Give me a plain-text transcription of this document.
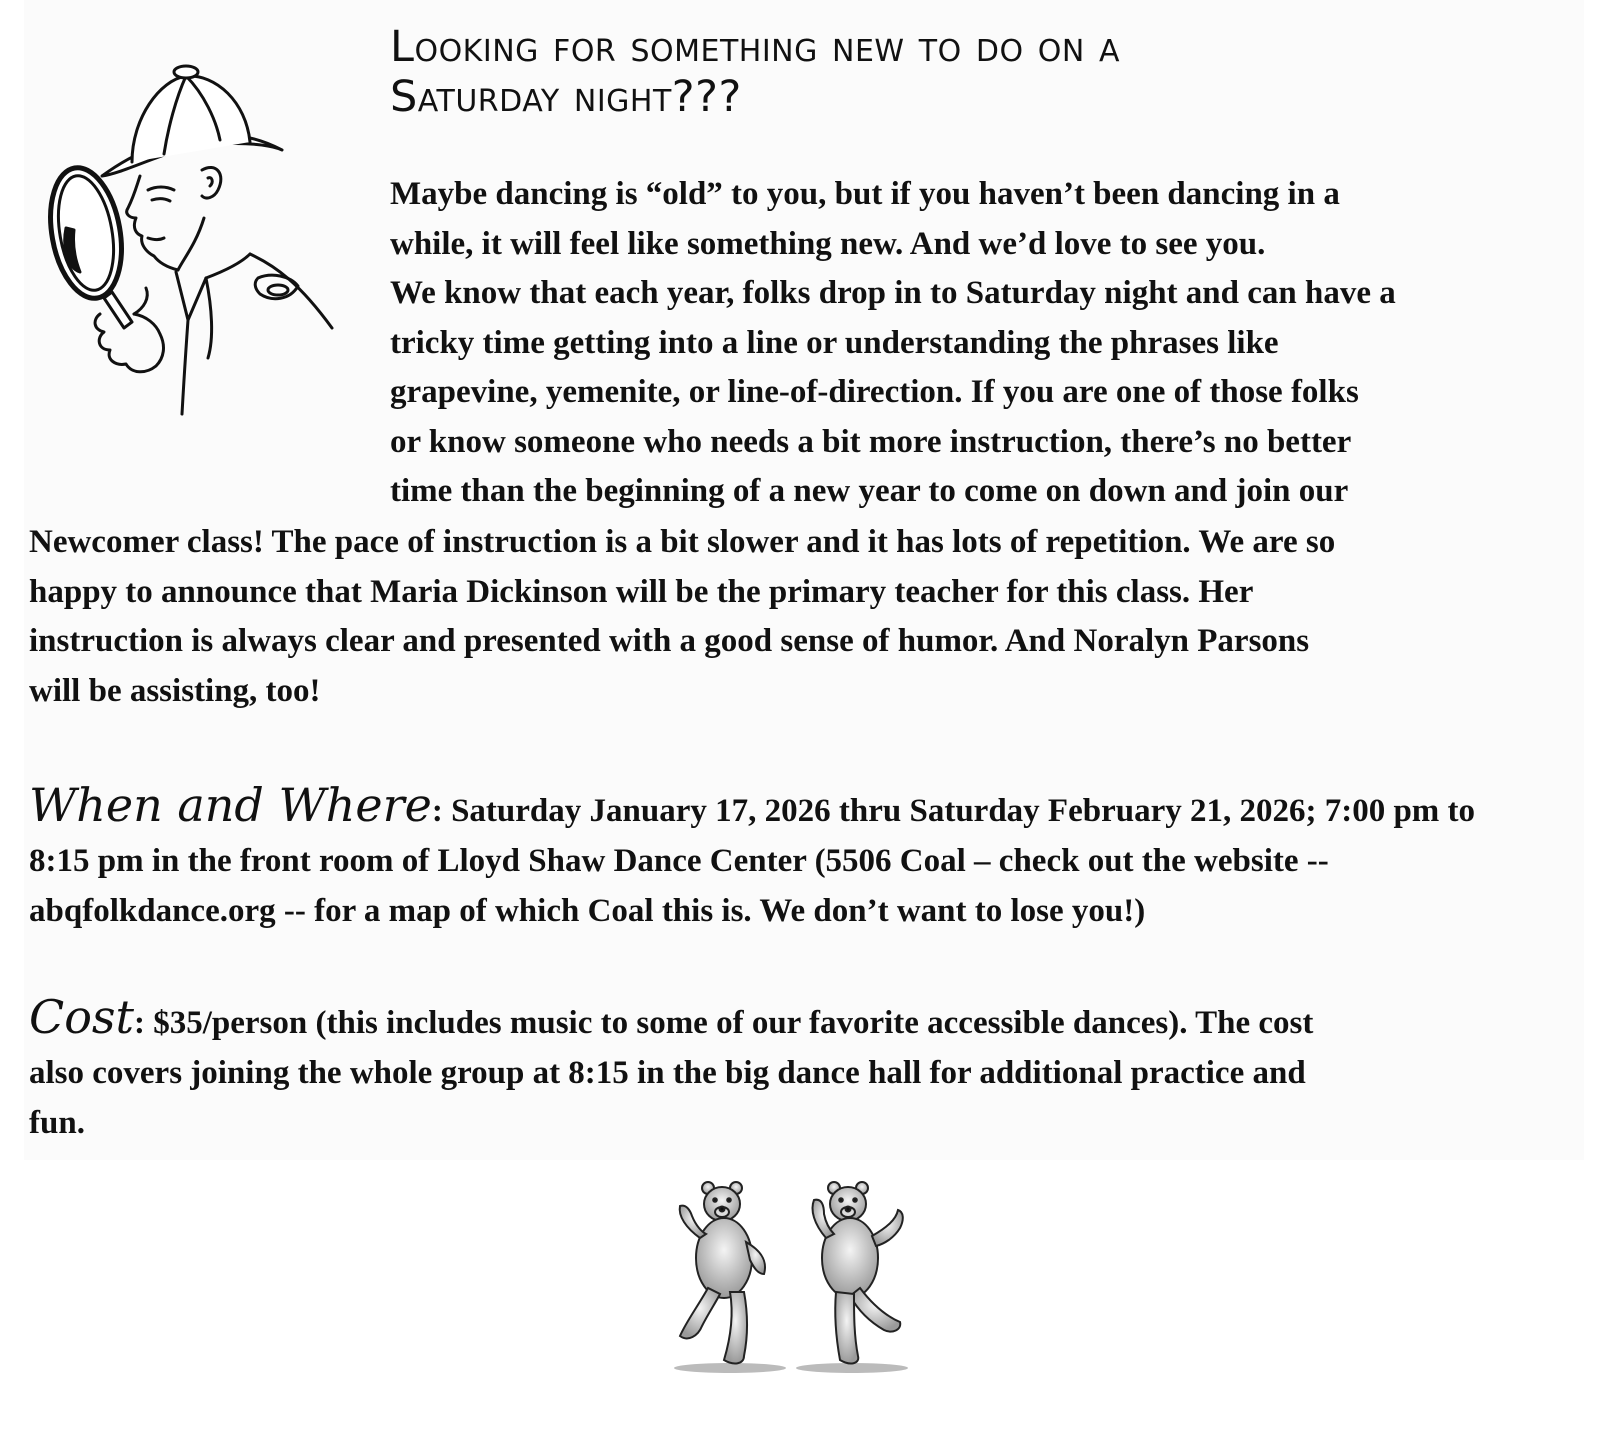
Looking for something new to do on a
Saturday night???

Maybe dancing is “old” to you, but if you haven’t been dancing in a
while, it will feel like something new. And we’d love to see you.
We know that each year, folks drop in to Saturday night and can have a
tricky time getting into a line or understanding the phrases like
grapevine, yemenite, or line-of-direction. If you are one of those folks
or know someone who needs a bit more instruction, there’s no better
time than the beginning of a new year to come on down and join our

Newcomer class! The pace of instruction is a bit slower and it has lots of repetition. We are so
happy to announce that Maria Dickinson will be the primary teacher for this class. Her
instruction is always clear and presented with a good sense of humor. And Noralyn Parsons
will be assisting, too!

When and Where: Saturday January 17, 2026 thru Saturday February 21, 2026; 7:00 pm to
8:15 pm in the front room of Lloyd Shaw Dance Center (5506 Coal – check out the website --
abqfolkdance.org -- for a map of which Coal this is. We don’t want to lose you!)

Cost: $35/person (this includes music to some of our favorite accessible dances). The cost
also covers joining the whole group at 8:15 in the big dance hall for additional practice and
fun.
